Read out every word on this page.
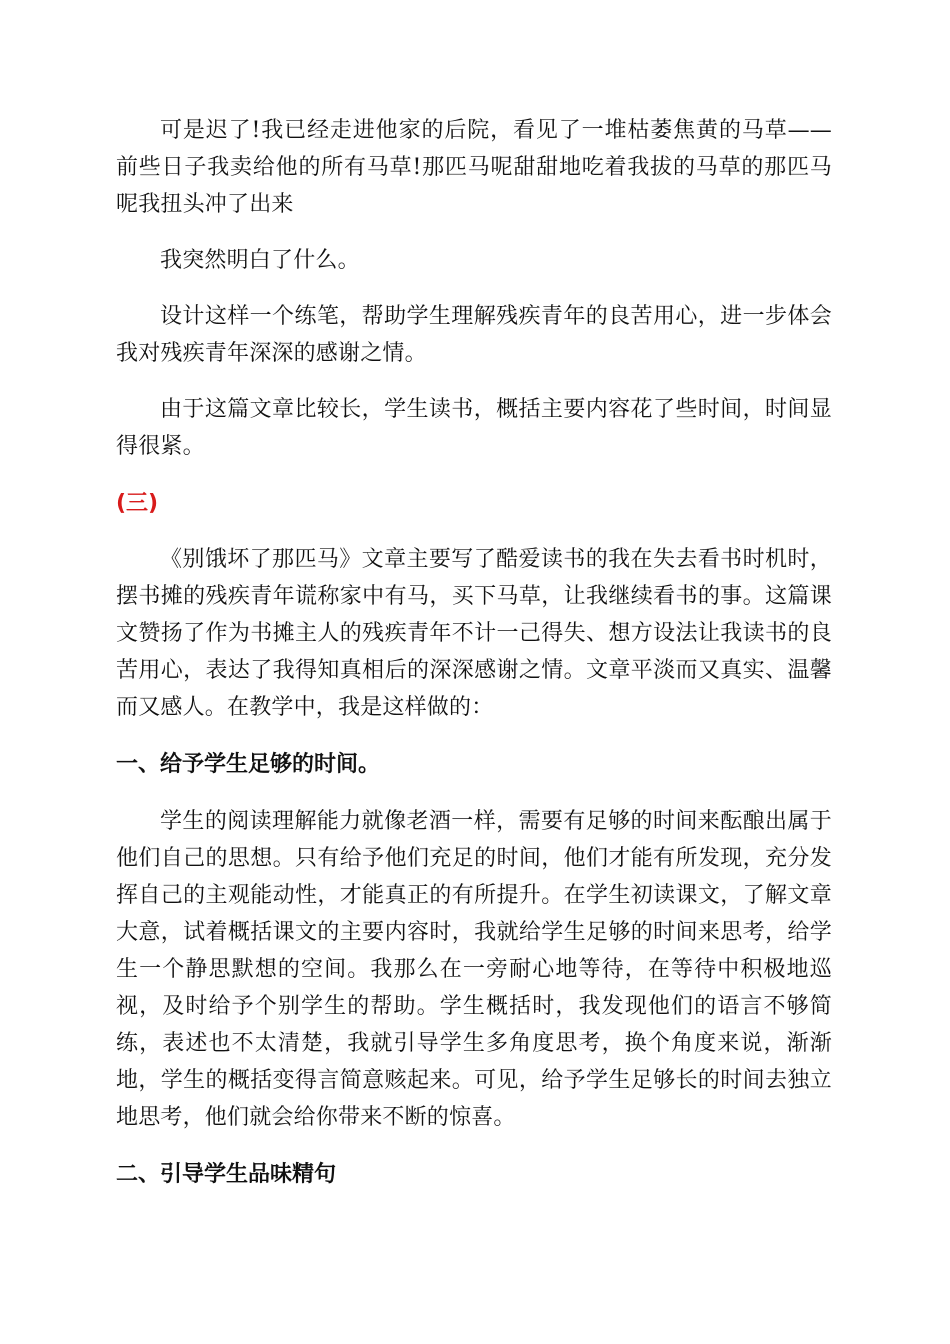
可是迟了!我已经走进他家的后院，看见了一堆枯萎焦黄的马草——前些日子我卖给他的所有马草!那匹马呢甜甜地吃着我拔的马草的那匹马呢我扭头冲了出来

我突然明白了什么。

设计这样一个练笔，帮助学生理解残疾青年的良苦用心，进一步体会我对残疾青年深深的感谢之情。

由于这篇文章比较长，学生读书，概括主要内容花了些时间，时间显得很紧。

(三)

《别饿坏了那匹马》文章主要写了酷爱读书的我在失去看书时机时，摆书摊的残疾青年谎称家中有马，买下马草，让我继续看书的事。这篇课文赞扬了作为书摊主人的残疾青年不计一己得失、想方设法让我读书的良苦用心，表达了我得知真相后的深深感谢之情。文章平淡而又真实、温馨而又感人。在教学中，我是这样做的：

一、给予学生足够的时间。

学生的阅读理解能力就像老酒一样，需要有足够的时间来酝酿出属于他们自己的思想。只有给予他们充足的时间，他们才能有所发现，充分发挥自己的主观能动性，才能真正的有所提升。在学生初读课文，了解文章大意，试着概括课文的主要内容时，我就给学生足够的时间来思考，给学生一个静思默想的空间。我那么在一旁耐心地等待，在等待中积极地巡视，及时给予个别学生的帮助。学生概括时，我发现他们的语言不够简练，表述也不太清楚，我就引导学生多角度思考，换个角度来说，渐渐地，学生的概括变得言简意赅起来。可见，给予学生足够长的时间去独立地思考，他们就会给你带来不断的惊喜。

二、引导学生品味精句
